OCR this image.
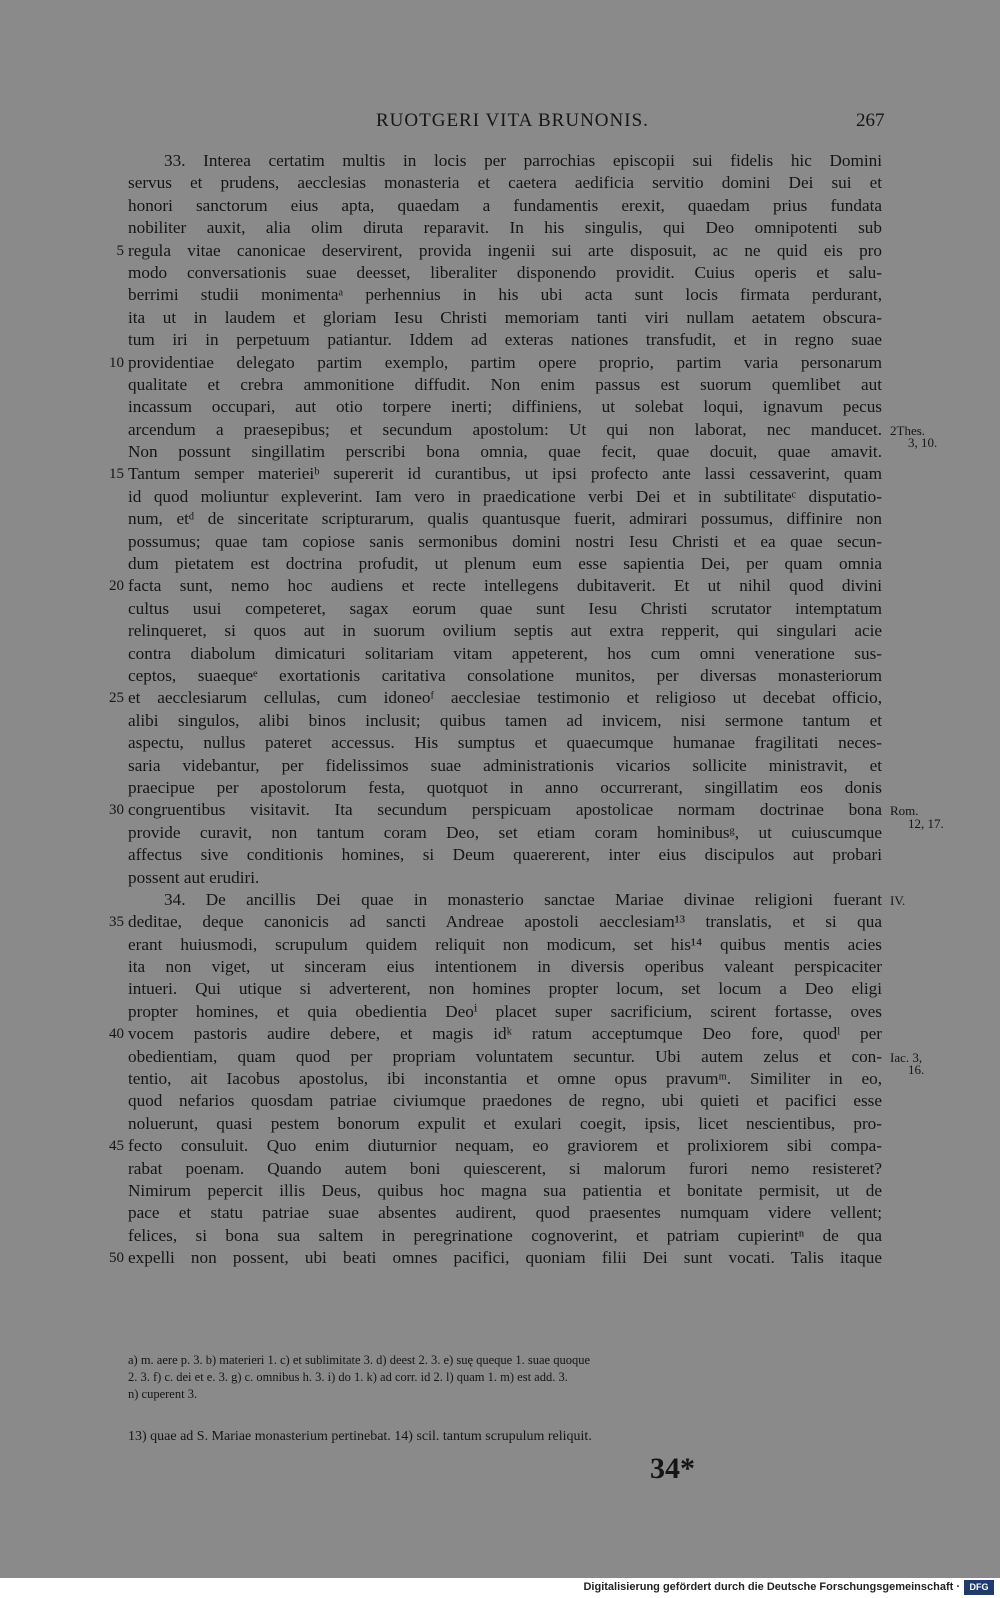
RUOTGERI VITA BRUNONIS.	267
33. Interea certatim multis in locis per parrochias episcopii sui fidelis hic Domini
servus et prudens, aecclesias monasteria et caetera aedificia servitio domini Dei sui et
honori sanctorum eius apta, quaedam a fundamentis erexit, quaedam prius fundata
nobiliter auxit, alia olim diruta reparavit. In his singulis, qui Deo omnipotenti sub
5 regula vitae canonicae deservirent, provida ingenii sui arte disposuit, ac ne quid eis pro
modo conversationis suae deesset, liberaliter disponendo providit. Cuius operis et salu-
berrimi studii monimentaᵃ perhennius in his ubi acta sunt locis firmata perdurant,
ita ut in laudem et gloriam Iesu Christi memoriam tanti viri nullam aetatem obscura-
tum iri in perpetuum patiantur. Iddem ad exteras nationes transfudit, et in regno suae
10 providentiae delegato partim exemplo, partim opere proprio, partim varia personarum
qualitate et crebra ammonitione diffudit. Non enim passus est suorum quemlibet aut
incassum occupari, aut otio torpere inerti; diffiniens, ut solebat loqui, ignavum pecus
arcendum a praesepibus; et secundum apostolum: Ut qui non laborat, nec manducet. 2Thes.
Non possunt singillatim perscribi bona omnia, quae fecit, quae docuit, quae amavit. 3, 10.
15 Tantum semper materieiᵇ supererit id curantibus, ut ipsi profecto ante lassi cessaverint, quam
id quod moliuntur expleverint. Iam vero in praedicatione verbi Dei et in subtilitateᶜ disputatio-
num, etᵈ de sinceritate scripturarum, qualis quantusque fuerit, admirari possumus, diffinire non
possumus; quae tam copiose sanis sermonibus domini nostri Iesu Christi et ea quae secun-
dum pietatem est doctrina profudit, ut plenum eum esse sapientia Dei, per quam omnia
20 facta sunt, nemo hoc audiens et recte intellegens dubitaverit. Et ut nihil quod divini
cultus usui competeret, sagax eorum quae sunt Iesu Christi scrutator intemptatum
relinqueret, si quos aut in suorum ovilium septis aut extra repperit, qui singulari acie
contra diabolum dimicaturi solitariam vitam appeterent, hos cum omni veneratione sus-
ceptos, suaequeᵉ exortationis caritativa consolatione munitos, per diversas monasteriorum
25 et aecclesiarum cellulas, cum idoneoᶠ aecclesiae testimonio et religioso ut decebat officio,
alibi singulos, alibi binos inclusit; quibus tamen ad invicem, nisi sermone tantum et
aspectu, nullus pateret accessus. His sumptus et quaecumque humanae fragilitati neces-
saria videbantur, per fidelissimos suae administrationis vicarios sollicite ministravit, et
praecipue per apostolorum festa, quotquot in anno occurrerant, singillatim eos donis
30 congruentibus visitavit. Ita secundum perspicuam apostolicae normam doctrinae bona Rom.
provide curavit, non tantum coram Deo, set etiam coram hominibusᵍ, ut cuiuscumque 12, 17.
affectus sive conditionis homines, si Deum quaererent, inter eius discipulos aut probari
possent aut erudiri.
34. De ancillis Dei quae in monasterio sanctae Mariae divinae religioni fuerant IV.
35 deditae, deque canonicis ad sancti Andreae apostoli aecclesiam¹³ translatis, et si qua
erant huiusmodi, scrupulum quidem reliquit non modicum, set his¹⁴ quibus mentis acies
ita non viget, ut sinceram eius intentionem in diversis operibus valeant perspicaciter
intueri. Qui utique si adverterent, non homines propter locum, set locum a Deo eligi
propter homines, et quia obedientia Deoⁱ placet super sacrificium, scirent fortasse, oves
40 vocem pastoris audire debere, et magis idᵏ ratum acceptumque Deo fore, quodˡ per
obedientiam, quam quod per propriam voluntatem secuntur. Ubi autem zelus et con- Iac. 3,
tentio, ait Iacobus apostolus, ibi inconstantia et omne opus pravumᵐ. Similiter in eo, 16.
quod nefarios quosdam patriae civiumque praedones de regno, ubi quieti et pacifici esse
noluerunt, quasi pestem bonorum expulit et exulari coegit, ipsis, licet nescientibus, pro-
45 fecto consuluit. Quo enim diuturnior nequam, eo graviorem et prolixiorem sibi compa-
rabat poenam. Quando autem boni quiescerent, si malorum furori nemo resisteret?
Nimirum pepercit illis Deus, quibus hoc magna sua patientia et bonitate permisit, ut de
pace et statu patriae suae absentes audirent, quod praesentes numquam videre vellent;
felices, si bona sua saltem in peregrinatione cognoverint, et patriam cupierintⁿ de qua
50 expelli non possent, ubi beati omnes pacifici, quoniam filii Dei sunt vocati. Talis itaque
a) m. aere p. 3. b) materieri 1. c) et sublimitate 3. d) deest 2. 3. e) suę queque 1. suae quoque
2. 3. f) c. dei et e. 3. g) c. omnibus h. 3. i) do 1. k) ad corr. id 2. l) quam 1. m) est add. 3.
n) cuperent 3.
13) quae ad S. Mariae monasterium pertinebat. 14) scil. tantum scrupulum reliquit.
34*
Digitalisierung gefördert durch die Deutsche Forschungsgemeinschaft ·	DFG
